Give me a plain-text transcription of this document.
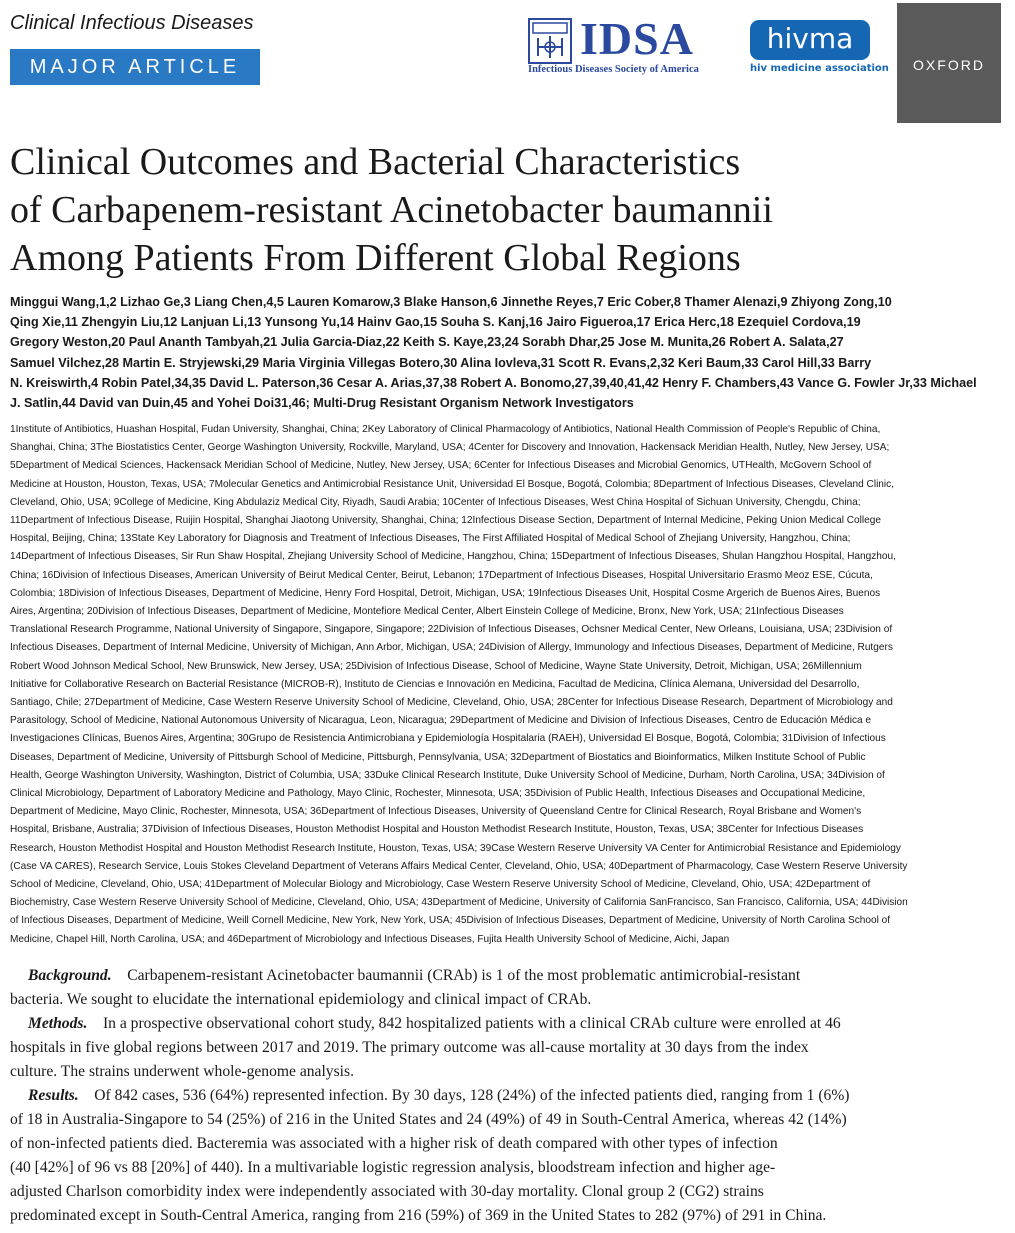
Clinical Infectious Diseases
MAJOR ARTICLE
IDSA
Infectious Diseases Society of America
hivma
hiv medicine association	OXFORD
Clinical Outcomes and Bacterial Characteristics
of Carbapenem-resistant Acinetobacter baumannii
Among Patients From Different Global Regions
Minggui Wang,1,2 Lizhao Ge,3 Liang Chen,4,5 Lauren Komarow,3 Blake Hanson,6 Jinnethe Reyes,7 Eric Cober,8 Thamer Alenazi,9 Zhiyong Zong,10
Qing Xie,11 Zhengyin Liu,12 Lanjuan Li,13 Yunsong Yu,14 Hainv Gao,15 Souha S. Kanj,16 Jairo Figueroa,17 Erica Herc,18 Ezequiel Cordova,19
Gregory Weston,20 Paul Ananth Tambyah,21 Julia Garcia-Diaz,22 Keith S. Kaye,23,24 Sorabh Dhar,25 Jose M. Munita,26 Robert A. Salata,27
Samuel Vilchez,28 Martin E. Stryjewski,29 Maria Virginia Villegas Botero,30 Alina Iovleva,31 Scott R. Evans,2,32 Keri Baum,33 Carol Hill,33 Barry
N. Kreiswirth,4 Robin Patel,34,35 David L. Paterson,36 Cesar A. Arias,37,38 Robert A. Bonomo,27,39,40,41,42 Henry F. Chambers,43 Vance G. Fowler Jr,33 Michael
J. Satlin,44 David van Duin,45 and Yohei Doi31,46; Multi-Drug Resistant Organism Network Investigators
1Institute of Antibiotics, Huashan Hospital, Fudan University, Shanghai, China; 2Key Laboratory of Clinical Pharmacology of Antibiotics, National Health Commission of People's Republic of China,
Shanghai, China; 3The Biostatistics Center, George Washington University, Rockville, Maryland, USA; 4Center for Discovery and Innovation, Hackensack Meridian Health, Nutley, New Jersey, USA;
5Department of Medical Sciences, Hackensack Meridian School of Medicine, Nutley, New Jersey, USA; 6Center for Infectious Diseases and Microbial Genomics, UTHealth, McGovern School of
Medicine at Houston, Houston, Texas, USA; 7Molecular Genetics and Antimicrobial Resistance Unit, Universidad El Bosque, Bogotá, Colombia; 8Department of Infectious Diseases, Cleveland Clinic,
Cleveland, Ohio, USA; 9College of Medicine, King Abdulaziz Medical City, Riyadh, Saudi Arabia; 10Center of Infectious Diseases, West China Hospital of Sichuan University, Chengdu, China;
11Department of Infectious Disease, Ruijin Hospital, Shanghai Jiaotong University, Shanghai, China; 12Infectious Disease Section, Department of Internal Medicine, Peking Union Medical College
Hospital, Beijing, China; 13State Key Laboratory for Diagnosis and Treatment of Infectious Diseases, The First Affiliated Hospital of Medical School of Zhejiang University, Hangzhou, China;
14Department of Infectious Diseases, Sir Run Shaw Hospital, Zhejiang University School of Medicine, Hangzhou, China; 15Department of Infectious Diseases, Shulan Hangzhou Hospital, Hangzhou,
China; 16Division of Infectious Diseases, American University of Beirut Medical Center, Beirut, Lebanon; 17Department of Infectious Diseases, Hospital Universitario Erasmo Meoz ESE, Cúcuta,
Colombia; 18Division of Infectious Diseases, Department of Medicine, Henry Ford Hospital, Detroit, Michigan, USA; 19Infectious Diseases Unit, Hospital Cosme Argerich de Buenos Aires, Buenos
Aires, Argentina; 20Division of Infectious Diseases, Department of Medicine, Montefiore Medical Center, Albert Einstein College of Medicine, Bronx, New York, USA; 21Infectious Diseases
Translational Research Programme, National University of Singapore, Singapore, Singapore; 22Division of Infectious Diseases, Ochsner Medical Center, New Orleans, Louisiana, USA; 23Division of
Infectious Diseases, Department of Internal Medicine, University of Michigan, Ann Arbor, Michigan, USA; 24Division of Allergy, Immunology and Infectious Diseases, Department of Medicine, Rutgers
Robert Wood Johnson Medical School, New Brunswick, New Jersey, USA; 25Division of Infectious Disease, School of Medicine, Wayne State University, Detroit, Michigan, USA; 26Millennium
Initiative for Collaborative Research on Bacterial Resistance (MICROB-R), Instituto de Ciencias e Innovación en Medicina, Facultad de Medicina, Clínica Alemana, Universidad del Desarrollo,
Santiago, Chile; 27Department of Medicine, Case Western Reserve University School of Medicine, Cleveland, Ohio, USA; 28Center for Infectious Disease Research, Department of Microbiology and
Parasitology, School of Medicine, National Autonomous University of Nicaragua, Leon, Nicaragua; 29Department of Medicine and Division of Infectious Diseases, Centro de Educación Médica e
Investigaciones Clínicas, Buenos Aires, Argentina; 30Grupo de Resistencia Antimicrobiana y Epidemiología Hospitalaria (RAEH), Universidad El Bosque, Bogotá, Colombia; 31Division of Infectious
Diseases, Department of Medicine, University of Pittsburgh School of Medicine, Pittsburgh, Pennsylvania, USA; 32Department of Biostatics and Bioinformatics, Milken Institute School of Public
Health, George Washington University, Washington, District of Columbia, USA; 33Duke Clinical Research Institute, Duke University School of Medicine, Durham, North Carolina, USA; 34Division of
Clinical Microbiology, Department of Laboratory Medicine and Pathology, Mayo Clinic, Rochester, Minnesota, USA; 35Division of Public Health, Infectious Diseases and Occupational Medicine,
Department of Medicine, Mayo Clinic, Rochester, Minnesota, USA; 36Department of Infectious Diseases, University of Queensland Centre for Clinical Research, Royal Brisbane and Women's
Hospital, Brisbane, Australia; 37Division of Infectious Diseases, Houston Methodist Hospital and Houston Methodist Research Institute, Houston, Texas, USA; 38Center for Infectious Diseases
Research, Houston Methodist Hospital and Houston Methodist Research Institute, Houston, Texas, USA; 39Case Western Reserve University VA Center for Antimicrobial Resistance and Epidemiology
(Case VA CARES), Research Service, Louis Stokes Cleveland Department of Veterans Affairs Medical Center, Cleveland, Ohio, USA; 40Department of Pharmacology, Case Western Reserve University
School of Medicine, Cleveland, Ohio, USA; 41Department of Molecular Biology and Microbiology, Case Western Reserve University School of Medicine, Cleveland, Ohio, USA; 42Department of
Biochemistry, Case Western Reserve University School of Medicine, Cleveland, Ohio, USA; 43Department of Medicine, University of California SanFrancisco, San Francisco, California, USA; 44Division
of Infectious Diseases, Department of Medicine, Weill Cornell Medicine, New York, New York, USA; 45Division of Infectious Diseases, Department of Medicine, University of North Carolina School of
Medicine, Chapel Hill, North Carolina, USA; and 46Department of Microbiology and Infectious Diseases, Fujita Health University School of Medicine, Aichi, Japan
Background. Carbapenem-resistant Acinetobacter baumannii (CRAb) is 1 of the most problematic antimicrobial-resistant
bacteria. We sought to elucidate the international epidemiology and clinical impact of CRAb.
Methods. In a prospective observational cohort study, 842 hospitalized patients with a clinical CRAb culture were enrolled at 46
hospitals in five global regions between 2017 and 2019. The primary outcome was all-cause mortality at 30 days from the index
culture. The strains underwent whole-genome analysis.
Results. Of 842 cases, 536 (64%) represented infection. By 30 days, 128 (24%) of the infected patients died, ranging from 1 (6%)
of 18 in Australia-Singapore to 54 (25%) of 216 in the United States and 24 (49%) of 49 in South-Central America, whereas 42 (14%)
of non-infected patients died. Bacteremia was associated with a higher risk of death compared with other types of infection
(40 [42%] of 96 vs 88 [20%] of 440). In a multivariable logistic regression analysis, bloodstream infection and higher age-
adjusted Charlson comorbidity index were independently associated with 30-day mortality. Clonal group 2 (CG2) strains
predominated except in South-Central America, ranging from 216 (59%) of 369 in the United States to 282 (97%) of 291 in China.
